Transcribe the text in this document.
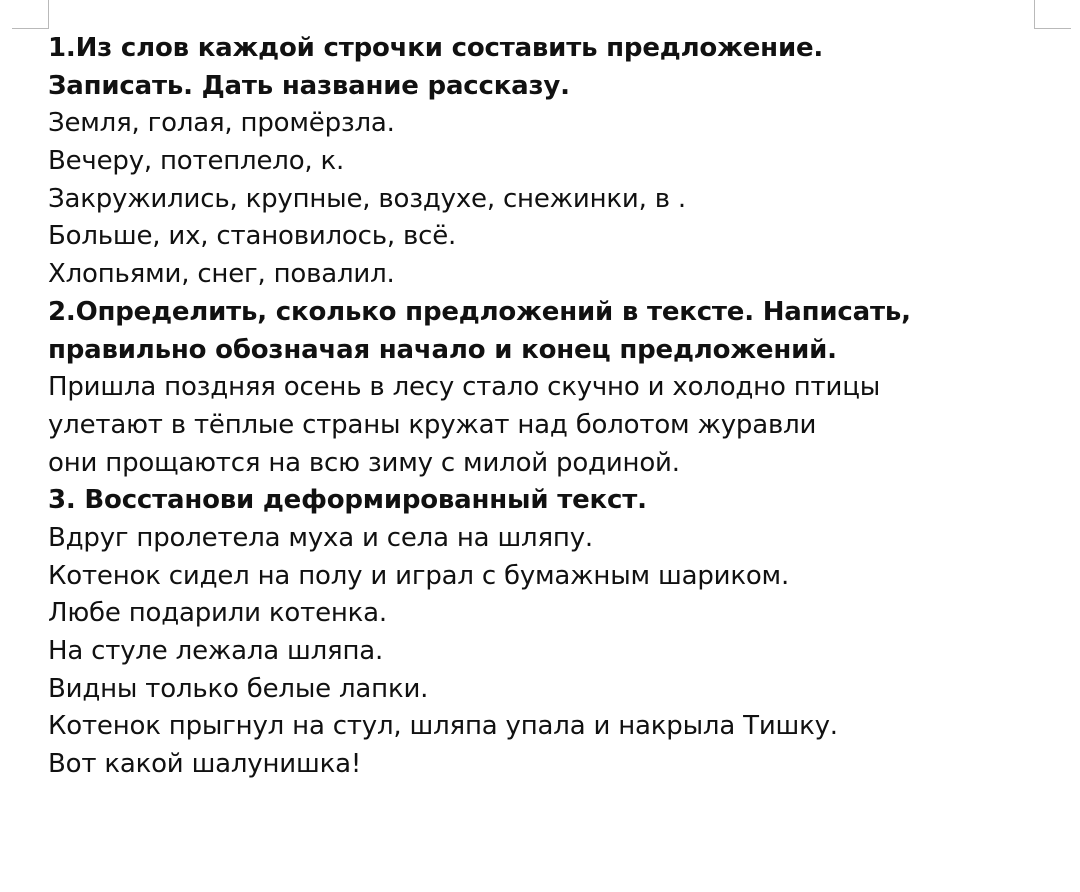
1.Из слов каждой строчки составить предложение.
Записать. Дать название рассказу.
Земля, голая, промёрзла.
Вечеру, потеплело, к.
Закружились, крупные, воздухе, снежинки, в .
Больше, их, становилось, всё.
Хлопьями, снег, повалил.
2.Определить, сколько предложений в тексте. Написать,
правильно обозначая начало и конец предложений.
Пришла поздняя осень в лесу стало скучно и холодно птицы
улетают в тёплые страны кружат над болотом журавли
они прощаются на всю зиму с милой родиной.
3. Восстанови деформированный текст.
Вдруг пролетела муха и села на шляпу.
Котенок сидел на полу и играл с бумажным шариком.
Любе подарили котенка.
На стуле лежала шляпа.
Видны только белые лапки.
Котенок прыгнул на стул, шляпа упала и накрыла Тишку.
Вот какой шалунишка!
